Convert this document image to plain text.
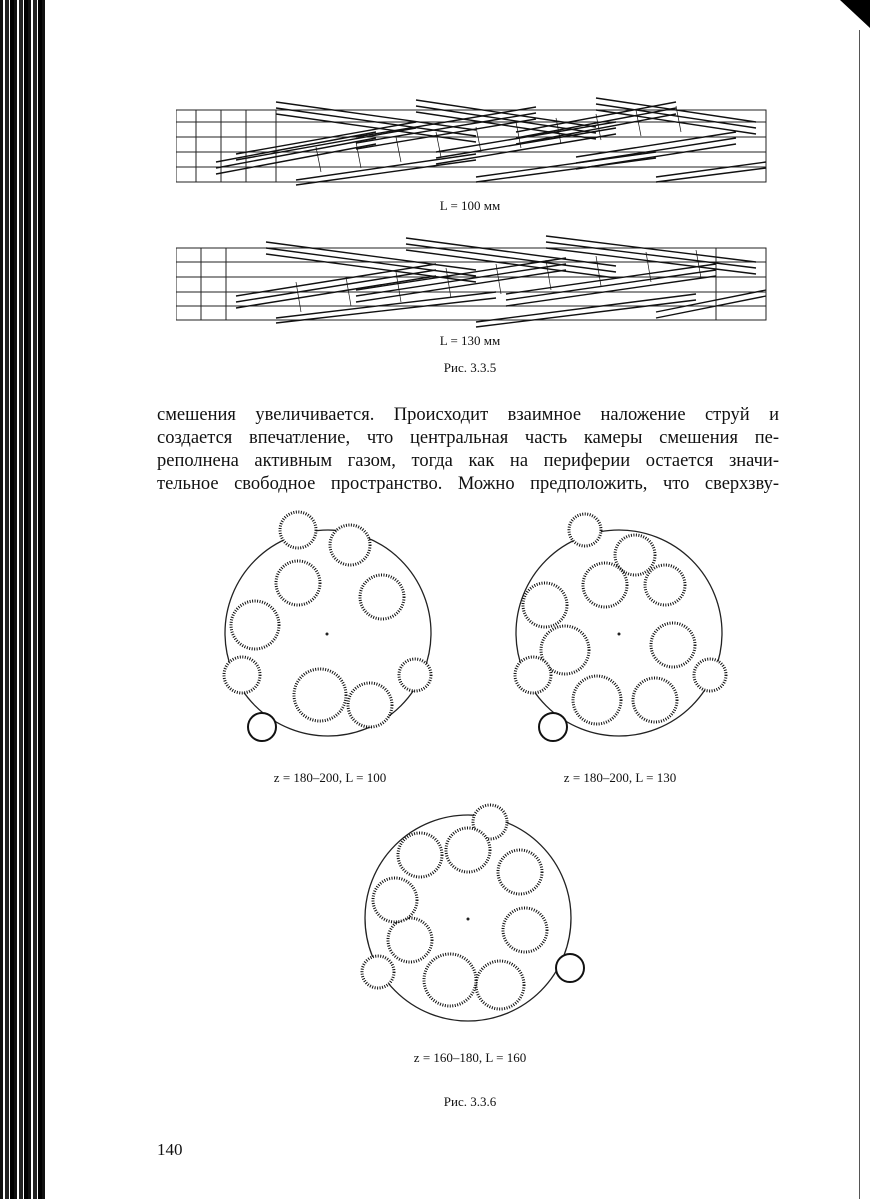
L = 100 мм
L = 130 мм
Рис. 3.3.5
смешения увеличивается. Происходит взаимное наложение струй и
создается впечатление, что центральная часть камеры смешения пе-
реполнена активным газом, тогда как на периферии остается значи-
тельное свободное пространство. Можно предположить, что сверхзву-
z = 180–200, L = 100	z = 180–200, L = 130
z = 160–180, L = 160
Рис. 3.3.6
140
